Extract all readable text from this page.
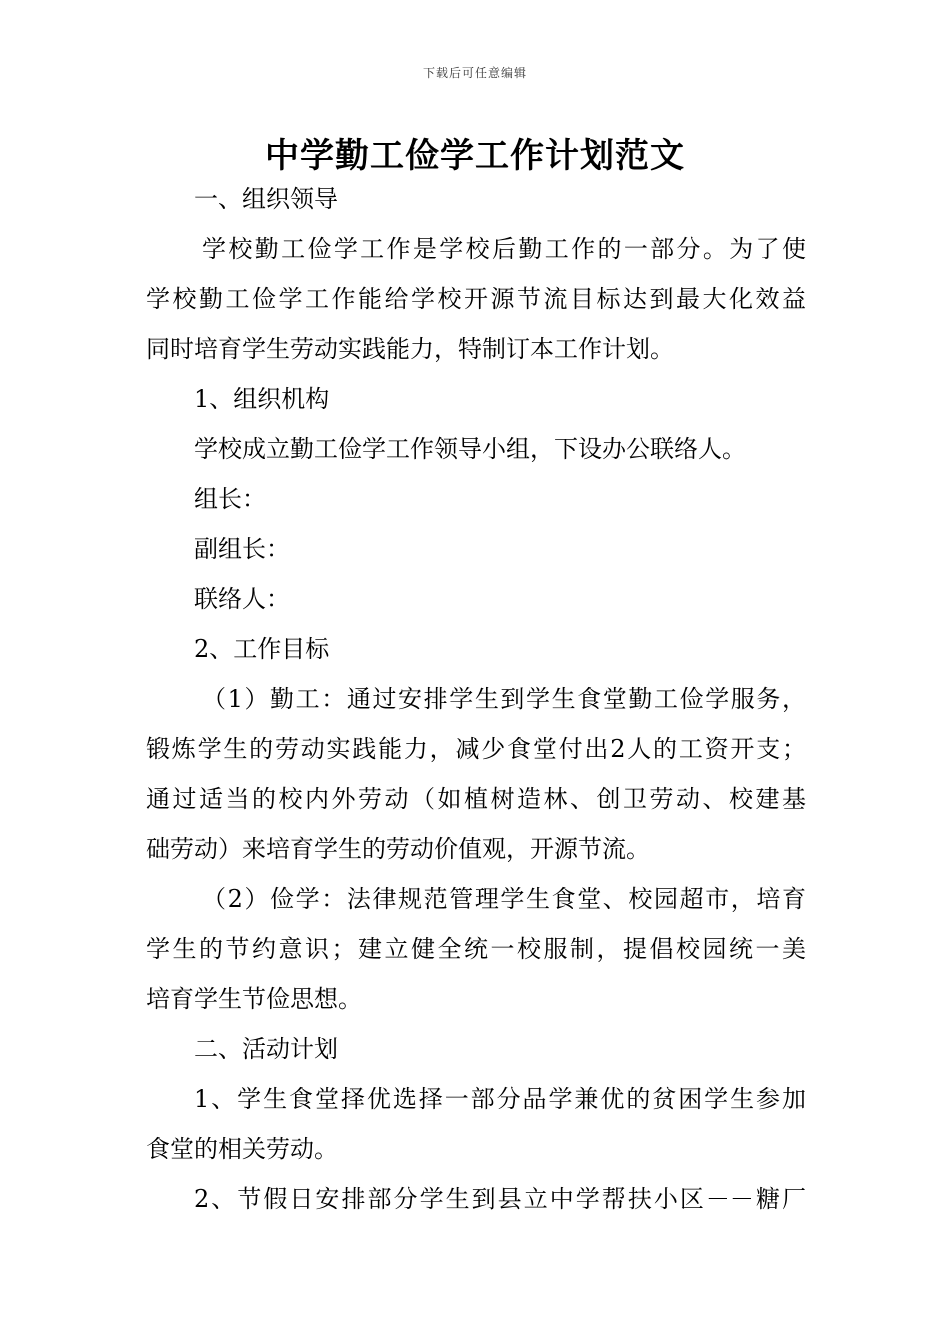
下载后可任意编辑
中学勤工俭学工作计划范文
一、组织领导
学校勤工俭学工作是学校后勤工作的一部分。为了使
学校勤工俭学工作能给学校开源节流目标达到最大化效益
同时培育学生劳动实践能力，特制订本工作计划。
1、组织机构
学校成立勤工俭学工作领导小组，下设办公联络人。
组长：
副组长：
联络人：
2、工作目标
（1）勤工：通过安排学生到学生食堂勤工俭学服务，
锻炼学生的劳动实践能力，减少食堂付出2人的工资开支；
通过适当的校内外劳动（如植树造林、创卫劳动、校建基
础劳动）来培育学生的劳动价值观，开源节流。
（2）俭学：法律规范管理学生食堂、校园超市，培育
学生的节约意识；建立健全统一校服制，提倡校园统一美
培育学生节俭思想。
二、活动计划
1、学生食堂择优选择一部分品学兼优的贫困学生参加
食堂的相关劳动。
2、节假日安排部分学生到县立中学帮扶小区－－糖厂
